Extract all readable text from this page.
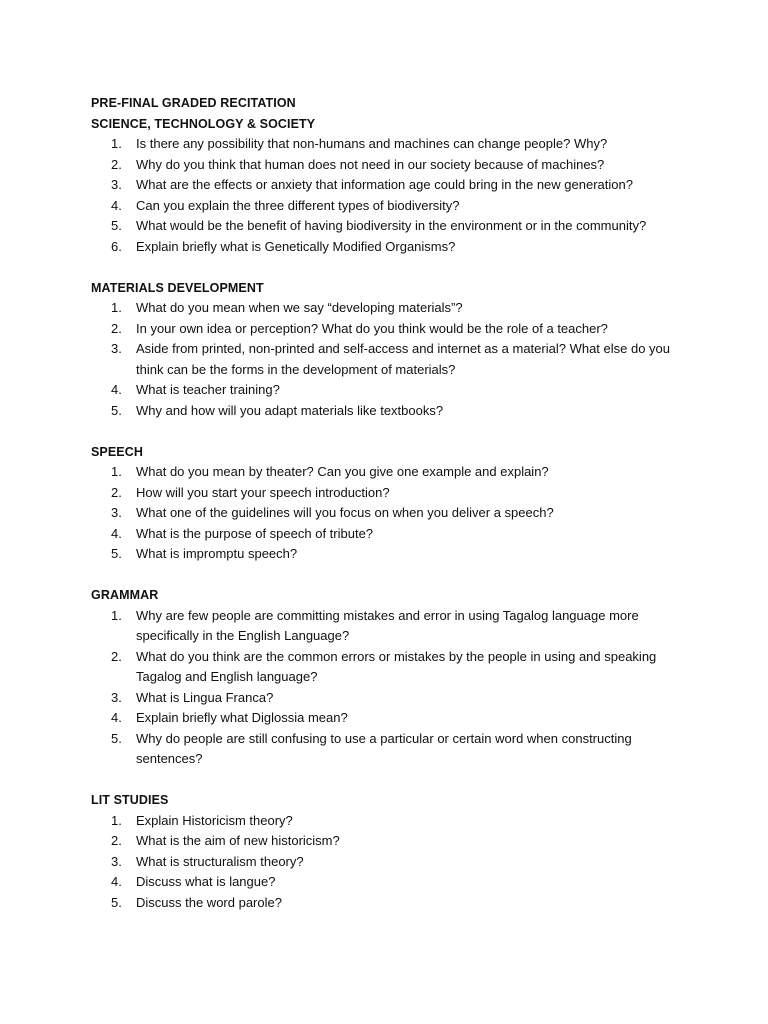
PRE-FINAL GRADED RECITATION
SCIENCE, TECHNOLOGY & SOCIETY
1.	Is there any possibility that non-humans and machines can change people? Why?
2.	Why do you think that human does not need in our society because of machines?
3.	What are the effects or anxiety that information age could bring in the new generation?
4.	Can you explain the three different types of biodiversity?
5.	What would be the benefit of having biodiversity in the environment or in the community?
6.	Explain briefly what is Genetically Modified Organisms?
MATERIALS DEVELOPMENT
1.	What do you mean when we say “developing materials”?
2.	In your own idea or perception? What do you think would be the role of a teacher?
3.	Aside from printed, non-printed and self-access and internet as a material? What else do you think can be the forms in the development of materials?
4.	What is teacher training?
5.	Why and how will you adapt materials like textbooks?
SPEECH
1.	What do you mean by theater? Can you give one example and explain?
2.	How will you start your speech introduction?
3.	What one of the guidelines will you focus on when you deliver a speech?
4.	What is the purpose of speech of tribute?
5.	What is impromptu speech?
GRAMMAR
1.	Why are few people are committing mistakes and error in using Tagalog language more specifically in the English Language?
2.	What do you think are the common errors or mistakes by the people in using and speaking Tagalog and English language?
3.	What is Lingua Franca?
4.	Explain briefly what Diglossia mean?
5.	Why do people are still confusing to use a particular or certain word when constructing sentences?
LIT STUDIES
1.	Explain Historicism theory?
2.	What is the aim of new historicism?
3.	What is structuralism theory?
4.	Discuss what is langue?
5.	Discuss the word parole?
